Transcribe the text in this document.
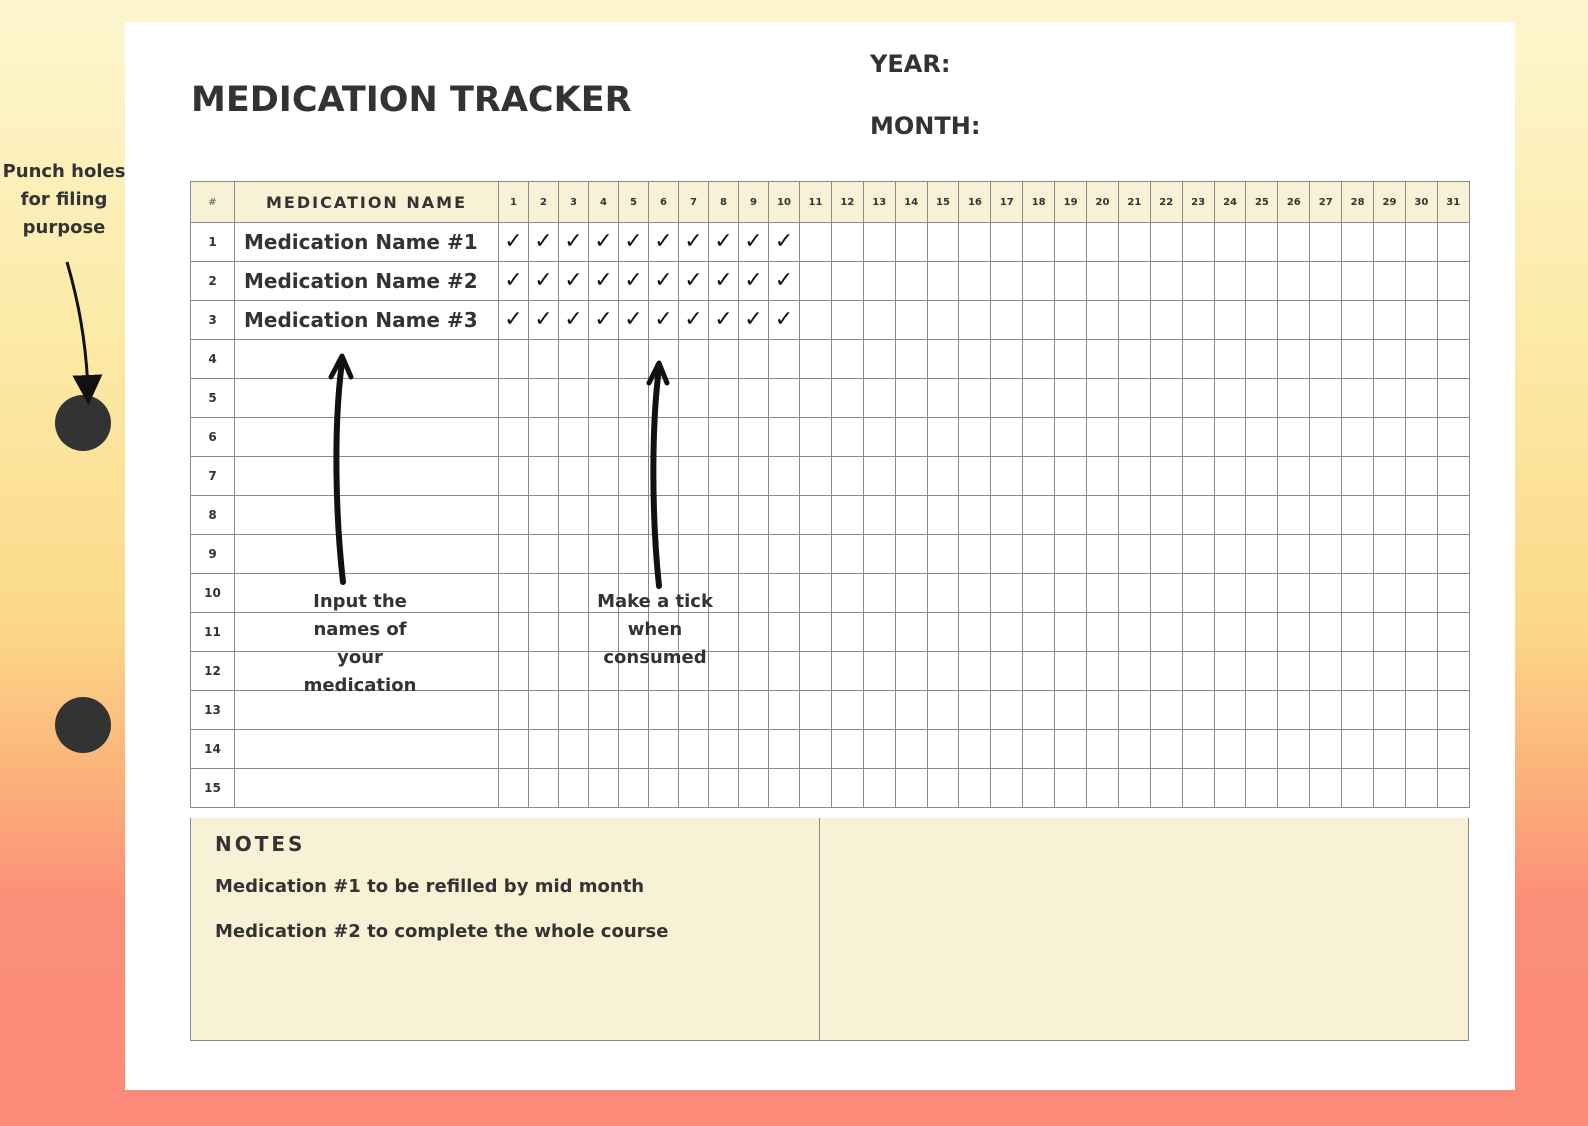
Punch holes for filing purpose
MEDICATION TRACKER
YEAR:
MONTH:
#	MEDICATION NAME	1	2	3	4	5	6	7	8	9	10	11	12	13	14	15	16	17	18	19	20	21	22	23	24	25	26	27	28	29	30	31
1	Medication Name #1	✓	✓	✓	✓	✓	✓	✓	✓	✓	✓																					
2	Medication Name #2	✓	✓	✓	✓	✓	✓	✓	✓	✓	✓																					
3	Medication Name #3	✓	✓	✓	✓	✓	✓	✓	✓	✓	✓																					
4																																
5																																
6																																
7																																
8																																
9																																
10																																
11																																
12																																
13																																
14																																
15																																
NOTES
Medication #1 to be refilled by mid month
Medication #2 to complete the whole course
Input the names of your medication
Make a tick when consumed
